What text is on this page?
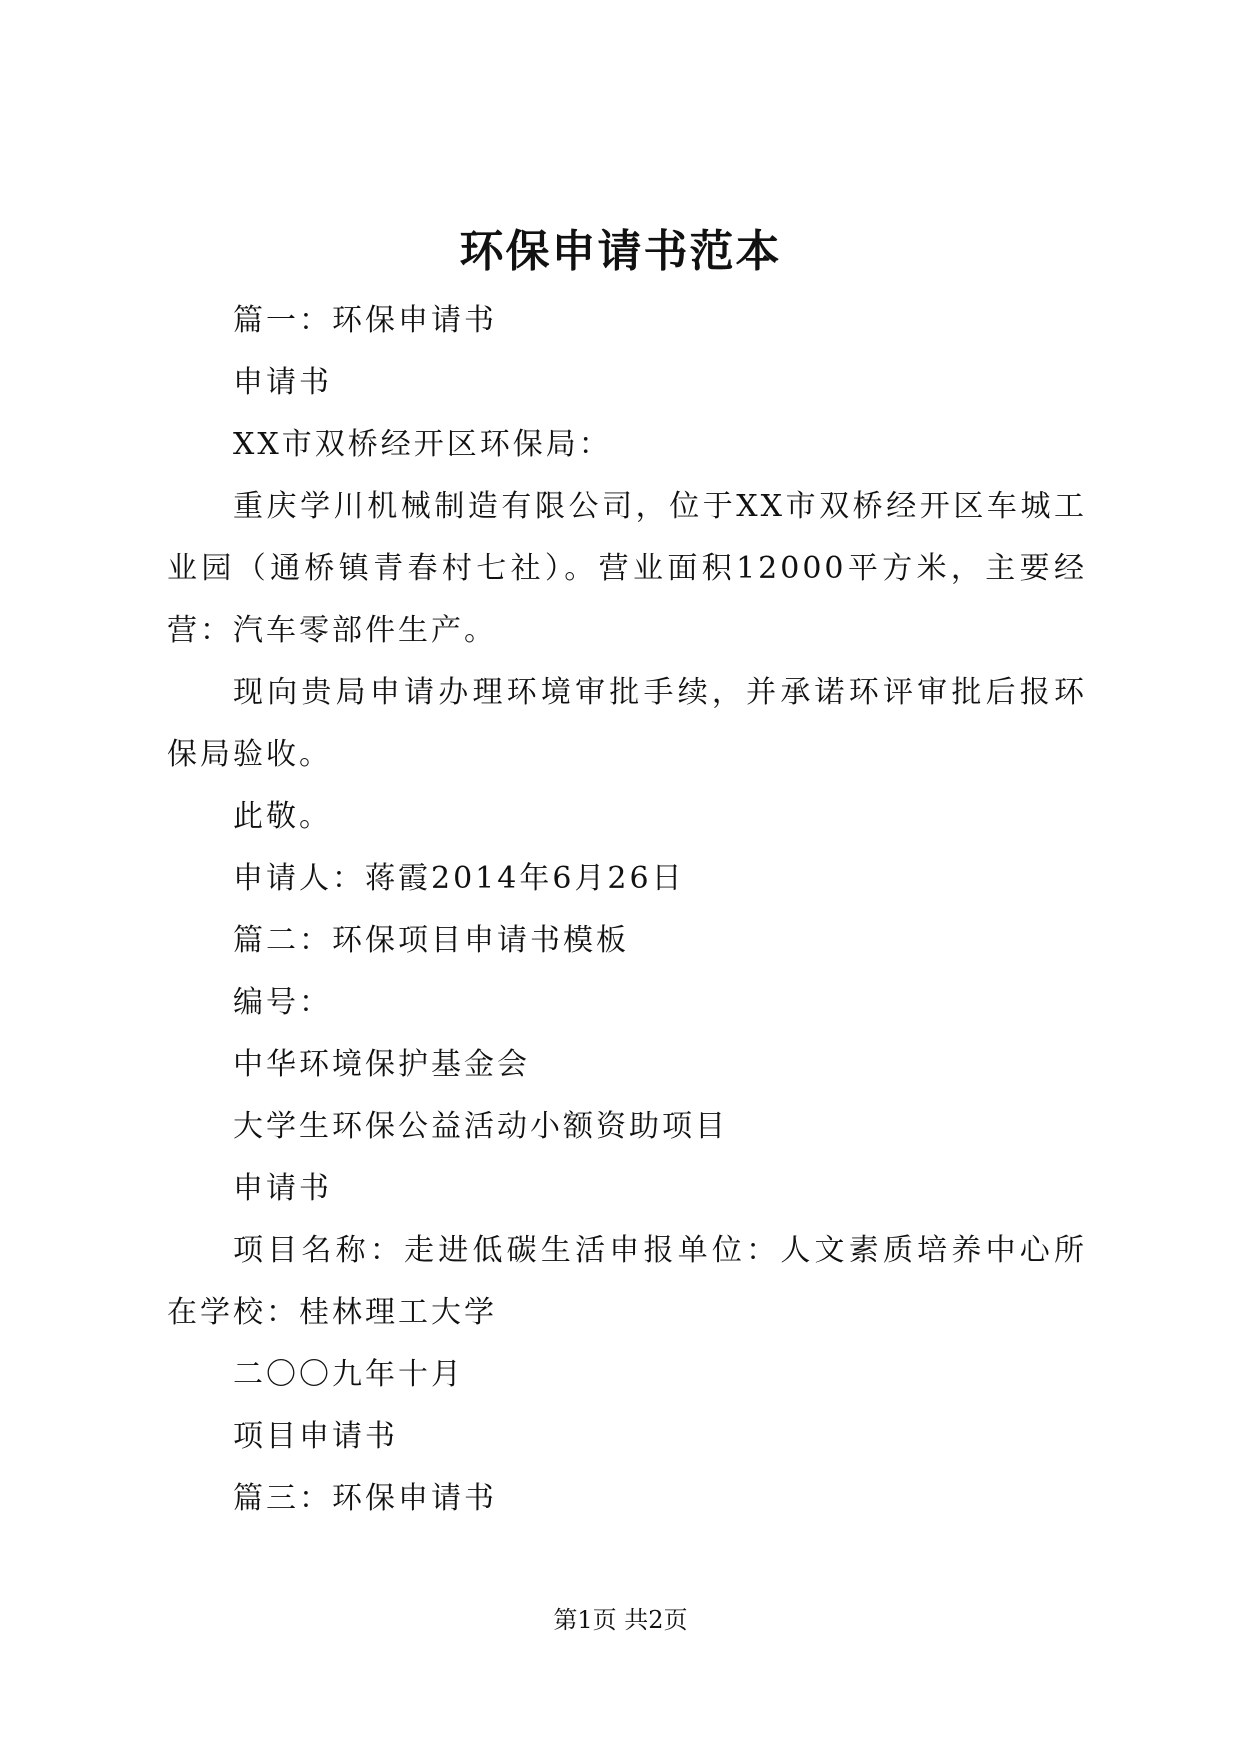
环保申请书范本

篇一：环保申请书

申请书

XX市双桥经开区环保局：

重庆学川机械制造有限公司，位于XX市双桥经开区车城工业园（通桥镇青春村七社）。营业面积12000平方米，主要经营：汽车零部件生产。

现向贵局申请办理环境审批手续，并承诺环评审批后报环保局验收。

此敬。

申请人：蒋霞2014年6月26日

篇二：环保项目申请书模板

编号：

中华环境保护基金会

大学生环保公益活动小额资助项目

申请书

项目名称：走进低碳生活申报单位：人文素质培养中心所在学校：桂林理工大学

二〇〇九年十月

项目申请书

篇三：环保申请书

第1页 共2页
